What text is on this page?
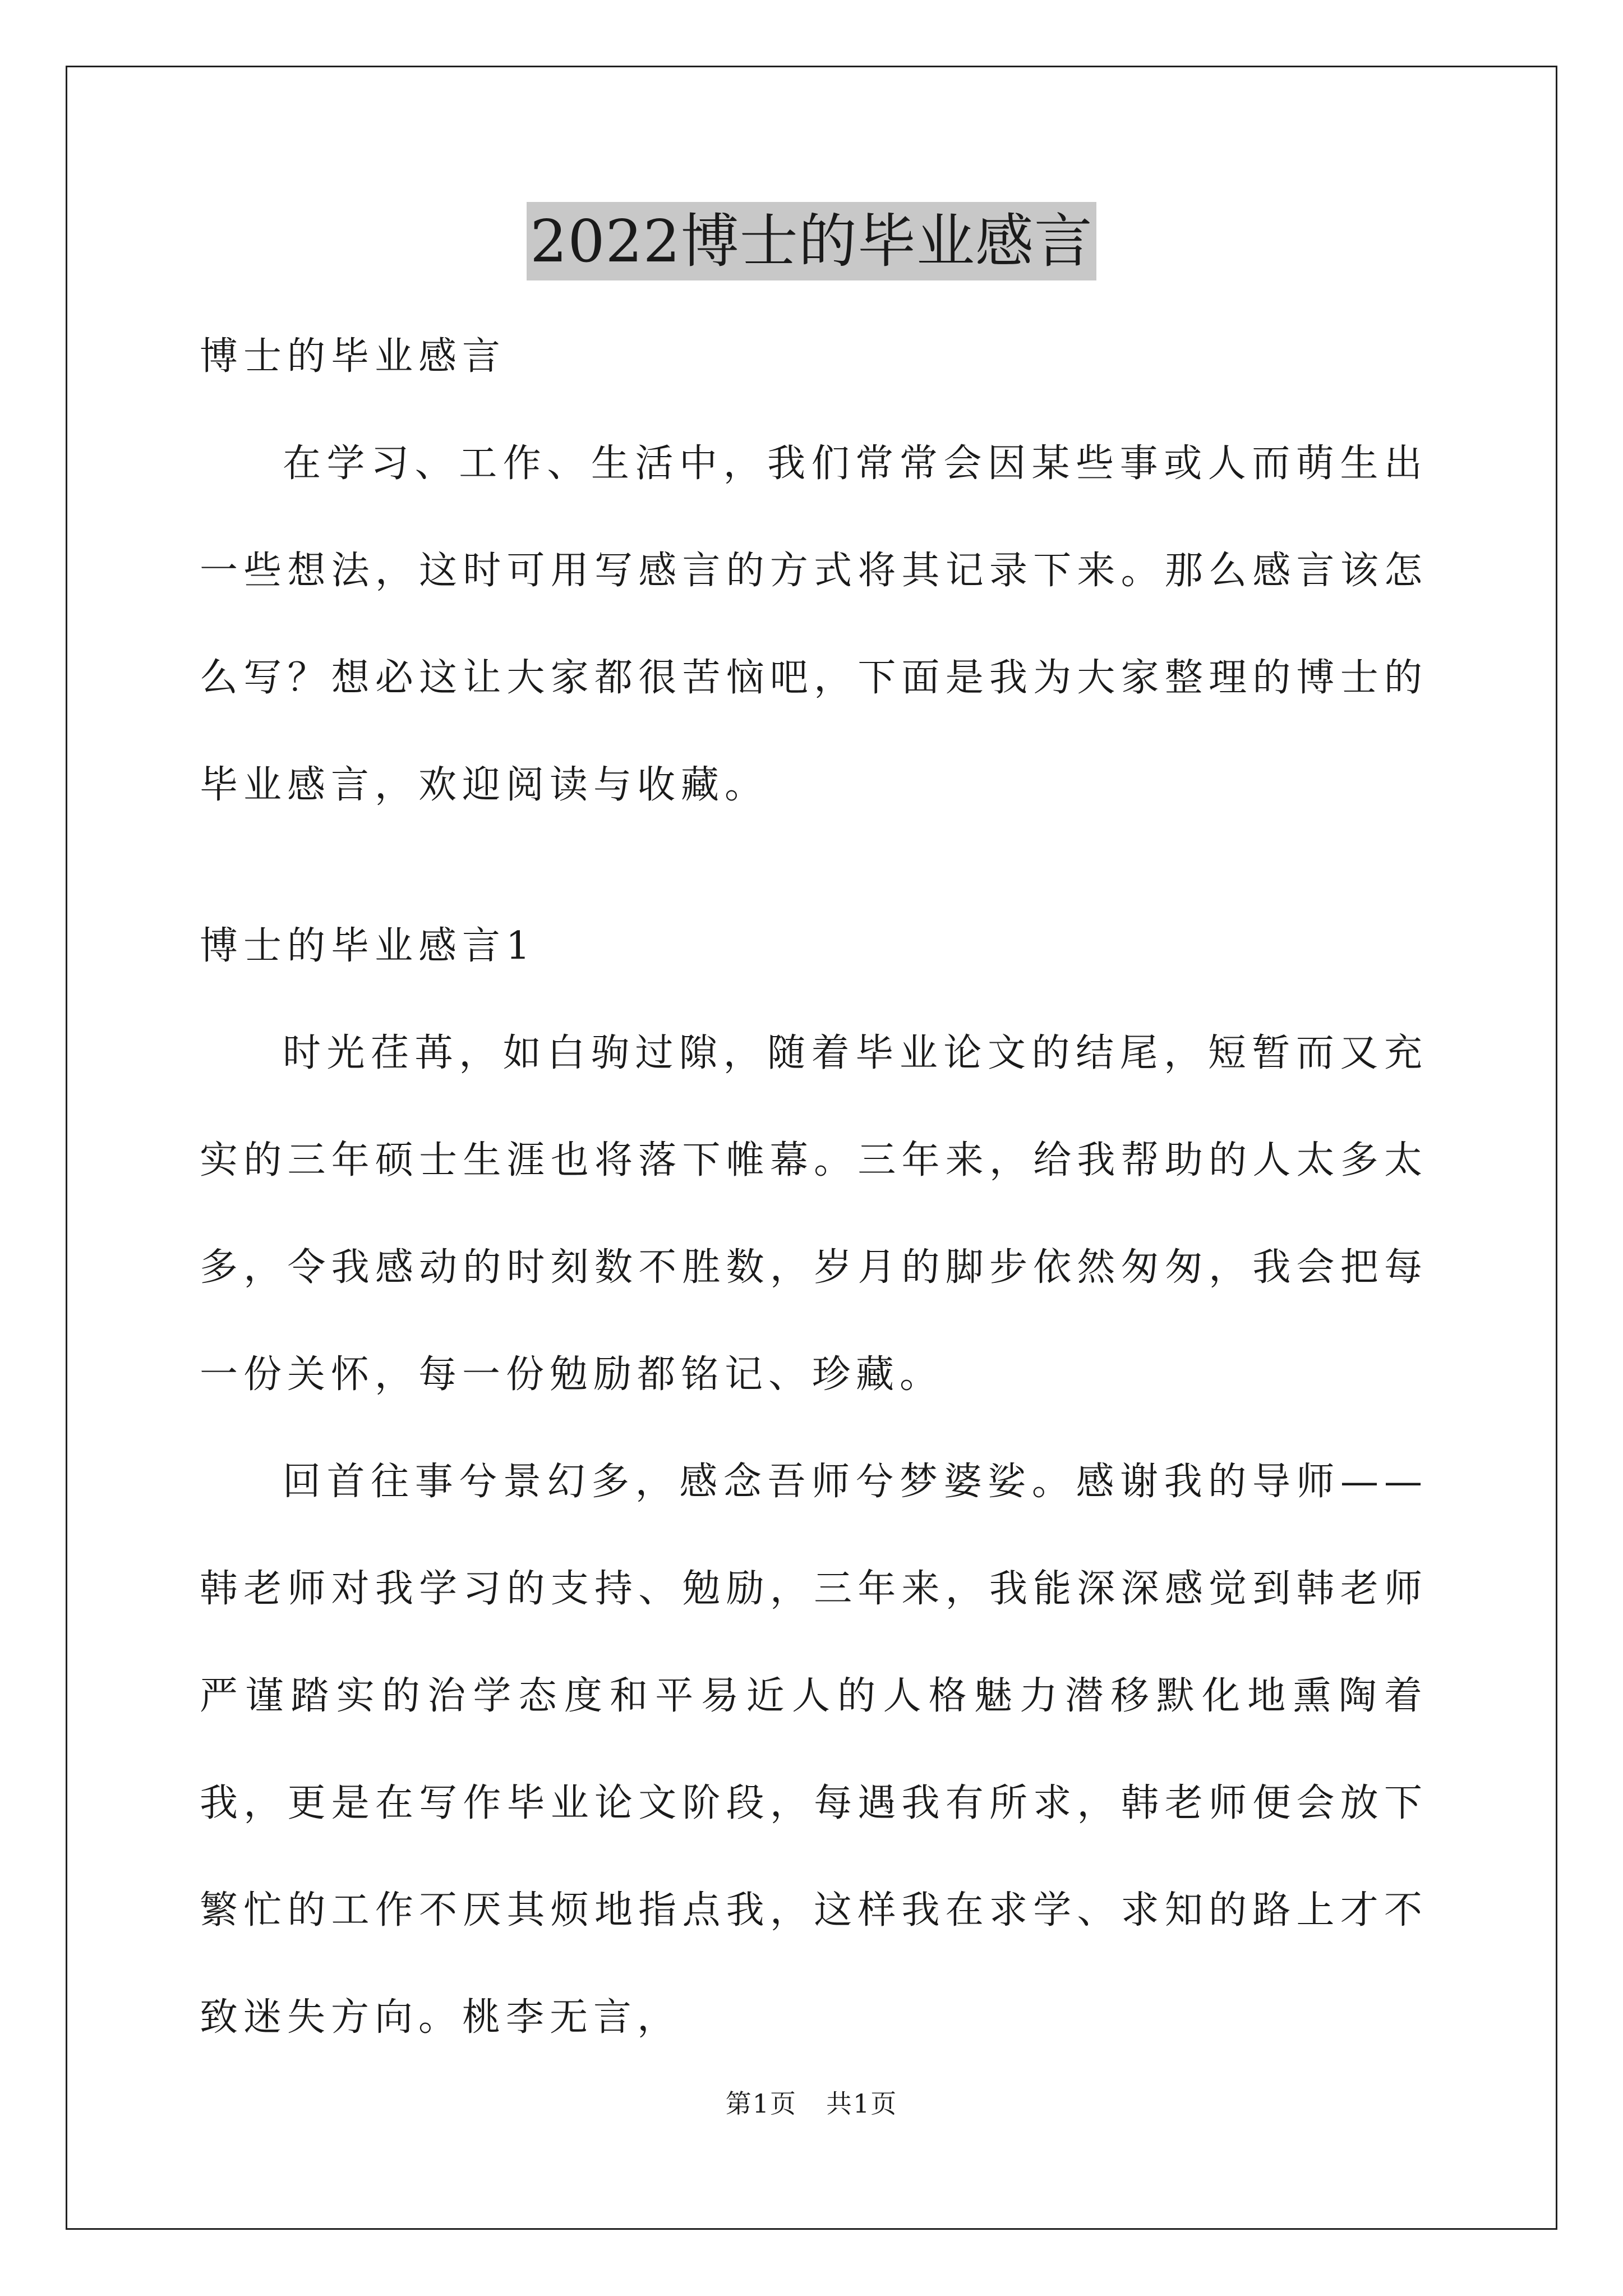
2022博士的毕业感言

博士的毕业感言

在学习、工作、生活中，我们常常会因某些事或人而萌生出一些想法，这时可用写感言的方式将其记录下来。那么感言该怎么写？想必这让大家都很苦恼吧，下面是我为大家整理的博士的毕业感言，欢迎阅读与收藏。

博士的毕业感言1

时光荏苒，如白驹过隙，随着毕业论文的结尾，短暂而又充实的三年硕士生涯也将落下帷幕。三年来，给我帮助的人太多太多，令我感动的时刻数不胜数，岁月的脚步依然匆匆，我会把每一份关怀，每一份勉励都铭记、珍藏。

回首往事兮景幻多，感念吾师兮梦婆娑。感谢我的导师——韩老师对我学习的支持、勉励，三年来，我能深深感觉到韩老师严谨踏实的治学态度和平易近人的人格魅力潜移默化地熏陶着我，更是在写作毕业论文阶段，每遇我有所求，韩老师便会放下繁忙的工作不厌其烦地指点我，这样我在求学、求知的路上才不致迷失方向。桃李无言，

第1页 共1页
